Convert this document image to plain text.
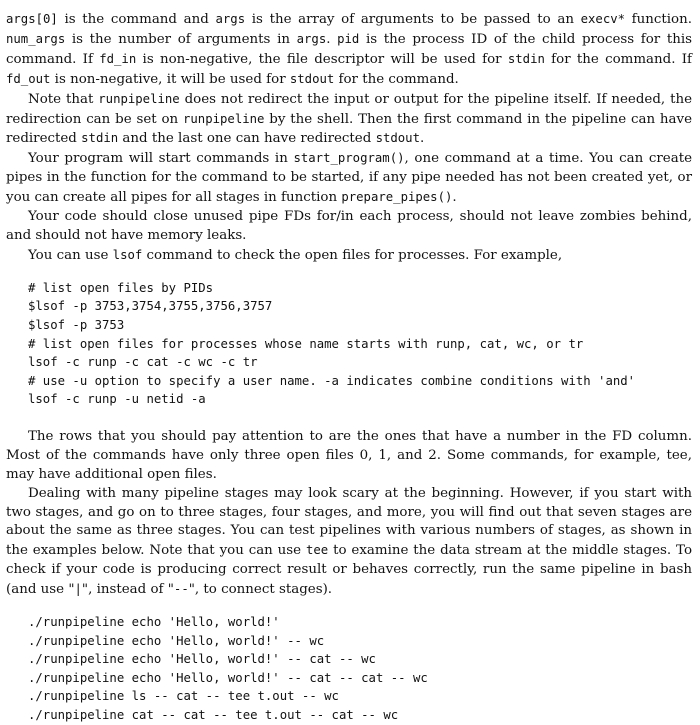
args[0] is the command and args is the array of arguments to be passed to an execv* function. num_args is the number of arguments in args. pid is the process ID of the child process for this command. If fd_in is non-negative, the file descriptor will be used for stdin for the command. If fd_out is non-negative, it will be used for stdout for the command.

Note that runpipeline does not redirect the input or output for the pipeline itself. If needed, the redirection can be set on runpipeline by the shell. Then the first command in the pipeline can have redirected stdin and the last one can have redirected stdout.

Your program will start commands in start_program(), one command at a time. You can create pipes in the function for the command to be started, if any pipe needed has not been created yet, or you can create all pipes for all stages in function prepare_pipes().

Your code should close unused pipe FDs for/in each process, should not leave zombies behind, and should not have memory leaks.

You can use lsof command to check the open files for processes. For example,

# list open files by PIDs
$lsof -p 3753,3754,3755,3756,3757
$lsof -p 3753
# list open files for processes whose name starts with runp, cat, wc, or tr
lsof -c runp -c cat -c wc -c tr
# use -u option to specify a user name. -a indicates combine conditions with 'and'
lsof -c runp -u netid -a

The rows that you should pay attention to are the ones that have a number in the FD column. Most of the commands have only three open files 0, 1, and 2. Some commands, for example, tee, may have additional open files.

Dealing with many pipeline stages may look scary at the beginning. However, if you start with two stages, and go on to three stages, four stages, and more, you will find out that seven stages are about the same as three stages. You can test pipelines with various numbers of stages, as shown in the examples below. Note that you can use tee to examine the data stream at the middle stages. To check if your code is producing correct result or behaves correctly, run the same pipeline in bash (and use "|", instead of "--", to connect stages).

./runpipeline echo 'Hello, world!'
./runpipeline echo 'Hello, world!' -- wc
./runpipeline echo 'Hello, world!' -- cat -- wc
./runpipeline echo 'Hello, world!' -- cat -- cat -- wc
./runpipeline ls -- cat -- tee t.out -- wc
./runpipeline cat -- cat -- tee t.out -- cat -- wc
